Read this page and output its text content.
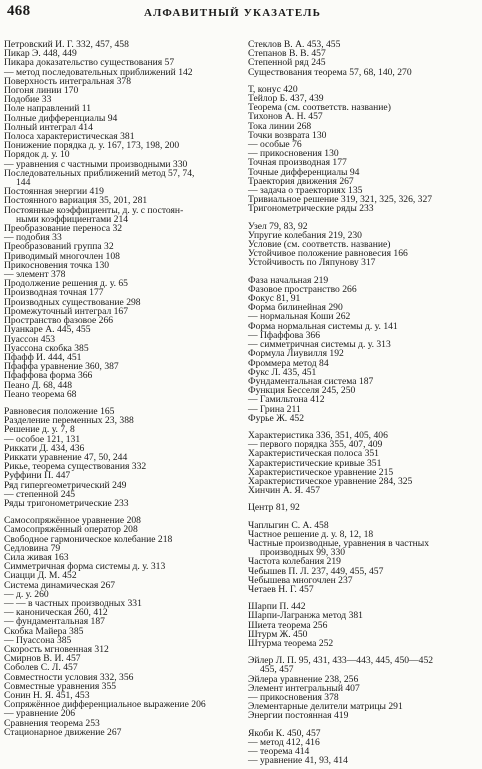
468	АЛФАВИТНЫЙ УКАЗАТЕЛЬ
Петровский И. Г. 332, 457, 458
Пикар Э. 448, 449
Пикара доказательство существования 57
— метод последовательных приближений 142
Поверхность интегральная 378
Погоня линии 170
Подобие 33
Поле направлений 11
Полные дифференциалы 94
Полный интеграл 414
Полоса характеристическая 381
Понижение порядка д. у. 167, 173, 198, 200
Порядок д. у. 10
— уравнения с частными производными 330
Последовательных приближений метод 57, 74,
144
Постоянная энергии 419
Постоянного вариация 35, 201, 281
Постоянные коэффициенты, д. у. с постоян-
ными коэффициентами 214
Преобразование переноса 32
— подобия 33
Преобразований группа 32
Приводимый многочлен 108
Прикосновения точка 130
— элемент 378
Продолжение решения д. у. 65
Производная точная 177
Производных существование 298
Промежуточный интеграл 167
Пространство фазовое 266
Пуанкаре А. 445, 455
Пуассон 453
Пуассона скобка 385
Пфафф И. 444, 451
Пфаффа уравнение 360, 387
Пфаффова форма 366
Пеано Д. 68, 448
Пеано теорема 68
Равновесия положение 165
Разделение переменных 23, 388
Решение д. у. 7, 8
— особое 121, 131
Риккати Д. 434, 436
Риккати уравнение 47, 50, 244
Рикье, теорема существования 332
Руффини П. 447
Ряд гипергеометрический 249
— степенной 245
Ряды тригонометрические 233
Самосопряжённое уравнение 208
Самосопряжённый оператор 208
Свободное гармоническое колебание 218
Седловина 79
Сила живая 163
Симметричная форма системы д. у. 313
Сиацци Д. М. 452
Система динамическая 267
— д. у. 260
— — в частных производных 331
— каноническая 260, 412
— фундаментальная 187
Скобка Майера 385
— Пуассона 385
Скорость мгновенная 312
Смирнов В. И. 457
Соболев С. Л. 457
Совместности условия 332, 356
Совместные уравнения 355
Сонин Н. Я. 451, 453
Сопряжённое дифференциальное выражение 206
— уравнение 206
Сравнения теорема 253
Стационарное движение 267
Стеклов В. А. 453, 455
Степанов В. В. 457
Степенной ряд 245
Существования теорема 57, 68, 140, 270
Т, конус 420
Тейлор Б. 437, 439
Теорема (см. соответств. название)
Тихонов А. Н. 457
Тока линии 268
Точки возврата 130
— особые 76
— прикосновения 130
Точная производная 177
Точные дифференциалы 94
Траектория движения 267
— задача о траекториях 135
Тривиальное решение 319, 321, 325, 326, 327
Тригонометрические ряды 233
Узел 79, 83, 92
Упругие колебания 219, 230
Условие (см. соответств. название)
Устойчивое положение равновесия 166
Устойчивость по Ляпунову 317
Фаза начальная 219
Фазовое пространство 266
Фокус 81, 91
Форма билинейная 290
— нормальная Коши 262
Форма нормальная системы д. у. 141
— Пфаффова 366
— симметричная системы д. у. 313
Формула Лиувилля 192
Фроммера метод 84
Фукс Л. 435, 451
Фундаментальная система 187
Функция Бесселя 245, 250
— Гамильтона 412
— Грина 211
Фурье Ж. 452
Характеристика 336, 351, 405, 406
— первого порядка 355, 407, 409
Характеристическая полоса 351
Характеристические кривые 351
Характеристическое уравнение 215
Характеристическое уравнение 284, 325
Хинчин А. Я. 457
Центр 81, 92
Чаплыгин С. А. 458
Частное решение д. у. 8, 12, 18
Частные производные, уравнения в частных
производных 99, 330
Частота колебания 219
Чебышев П. Л. 237, 449, 455, 457
Чебышева многочлен 237
Четаев Н. Г. 457
Шарпи П. 442
Шарпи-Лагранжа метод 381
Шиета теорема 256
Штурм Ж. 450
Штурма теорема 252
Эйлер Л. П. 95, 431, 433—443, 445, 450—452
455, 457
Эйлера уравнение 238, 256
Элемент интегральный 407
— прикосновения 378
Элементарные делители матрицы 291
Энергии постоянная 419
Якоби К. 450, 457
— метод 412, 416
— теорема 414
— уравнение 41, 93, 414
